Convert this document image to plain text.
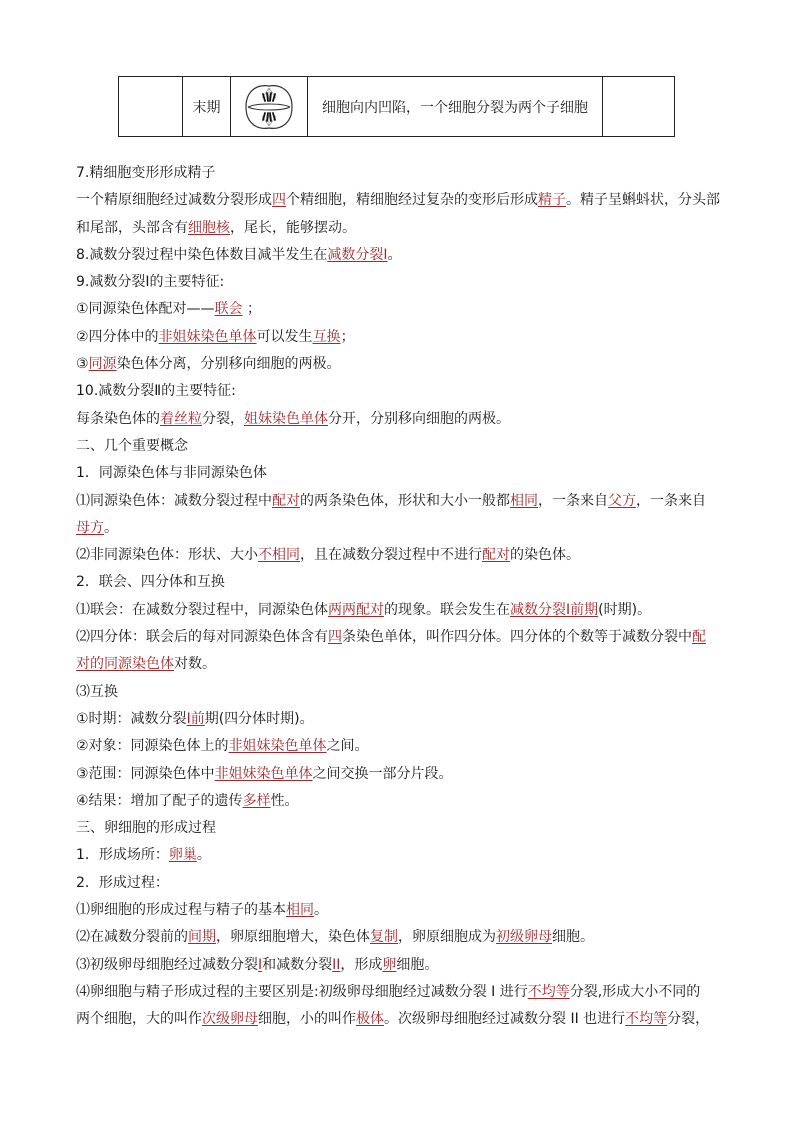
	末期		细胞向内凹陷，一个细胞分裂为两个子细胞	

7.精细胞变形形成精子

一个精原细胞经过减数分裂形成四个精细胞，精细胞经过复杂的变形后形成精子。精子呈蝌蚪状，分头部

和尾部，头部含有细胞核，尾长，能够摆动。

8.减数分裂过程中染色体数目减半发生在减数分裂Ⅰ。

9.减数分裂Ⅰ的主要特征:

①同源染色体配对——联会 ；

②四分体中的非姐妹染色单体可以发生互换；

③同源染色体分离，分别移向细胞的两极。

10.减数分裂Ⅱ的主要特征:

每条染色体的着丝粒分裂，姐妹染色单体分开，分别移向细胞的两极。

二、几个重要概念

1．同源染色体与非同源染色体

⑴同源染色体：减数分裂过程中配对的两条染色体，形状和大小一般都相同，一条来自父方，一条来自

母方。

⑵非同源染色体：形状、大小不相同，且在减数分裂过程中不进行配对的染色体。

2．联会、四分体和互换

⑴联会：在减数分裂过程中，同源染色体两两配对的现象。联会发生在减数分裂Ⅰ前期(时期)。

⑵四分体：联会后的每对同源染色体含有四条染色单体，叫作四分体。四分体的个数等于减数分裂中配

对的同源染色体对数。

⑶互换

①时期：减数分裂Ⅰ前期(四分体时期)。

②对象：同源染色体上的非姐妹染色单体之间。

③范围：同源染色体中非姐妹染色单体之间交换一部分片段。

④结果：增加了配子的遗传多样性。

三、卵细胞的形成过程

1．形成场所：卵巢。

2．形成过程：

⑴卵细胞的形成过程与精子的基本相同。

⑵在减数分裂前的间期，卵原细胞增大，染色体复制，卵原细胞成为初级卵母细胞。

⑶初级卵母细胞经过减数分裂I和减数分裂II，形成卵细胞。

⑷卵细胞与精子形成过程的主要区别是:初级卵母细胞经过减数分裂 I 进行不均等分裂,形成大小不同的

两个细胞，大的叫作次级卵母细胞，小的叫作极体。次级卵母细胞经过减数分裂 II 也进行不均等分裂，
